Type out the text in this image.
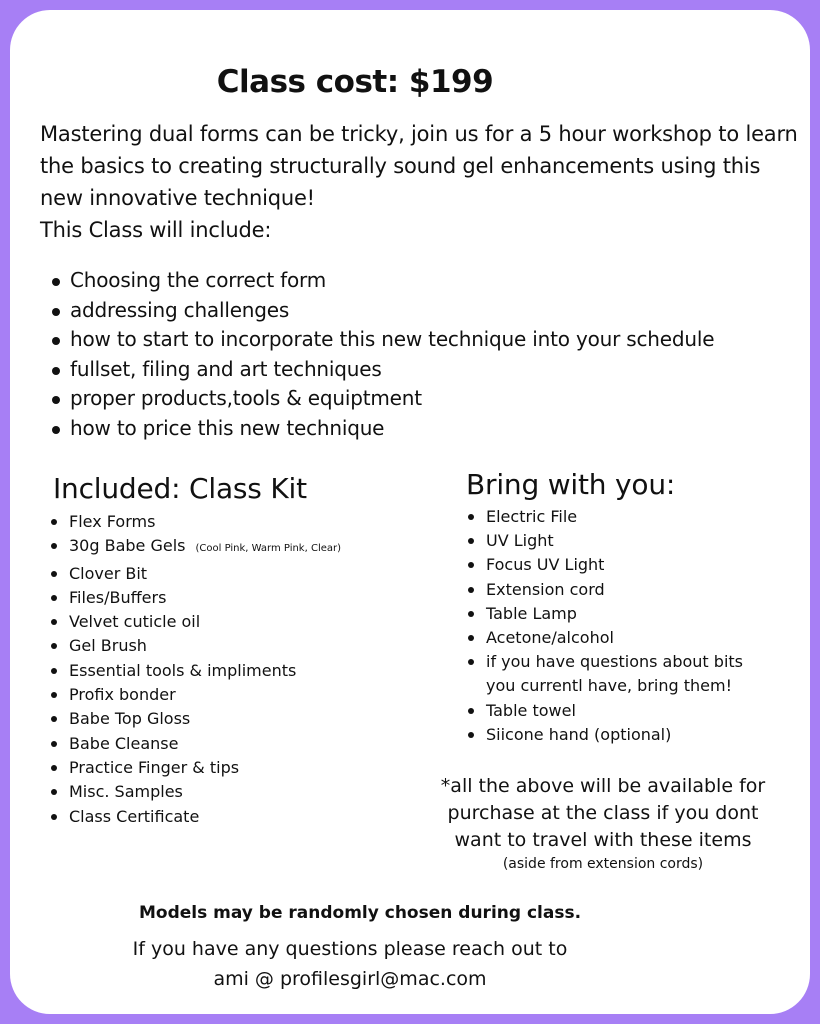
Class cost: $199

Mastering dual forms can be tricky, join us for a 5 hour workshop to learn the basics to creating structurally sound gel enhancements using this new innovative technique!

This Class will include:

Choosing the correct form
addressing challenges
how to start to incorporate this new technique into your schedule
fullset, filing and art techniques
proper products,tools & equiptment
how to price this new technique
Included: Class Kit
Flex Forms
30g Babe Gels (Cool Pink, Warm Pink, Clear)
Clover Bit
Files/Buffers
Velvet cuticle oil
Gel Brush
Essential tools & impliments
Profix bonder
Babe Top Gloss
Babe Cleanse
Practice Finger & tips
Misc. Samples
Class Certificate
Bring with you:
Electric File
UV Light
Focus UV Light
Extension cord
Table Lamp
Acetone/alcohol
if you have questions about bits you currentl have, bring them!
Table towel
Siicone hand (optional)
*all the above will be available for purchase at the class if you dont want to travel with these items
(aside from extension cords)
Models may be randomly chosen during class.
If you have any questions please reach out to
ami @ profilesgirl@mac.com
